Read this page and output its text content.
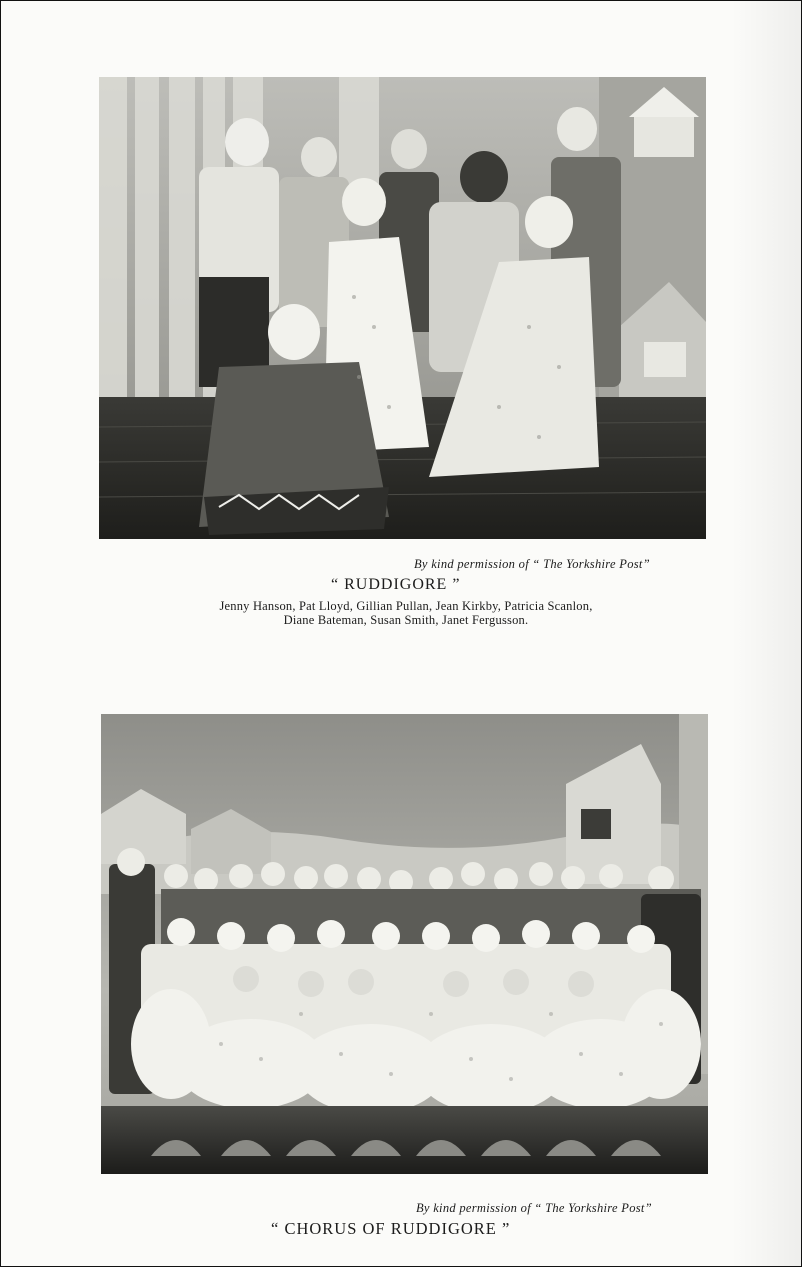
By kind permission of “ The Yorkshire Post”
“ RUDDIGORE ”
Jenny Hanson, Pat Lloyd, Gillian Pullan, Jean Kirkby, Patricia Scanlon,
Diane Bateman, Susan Smith, Janet Fergusson.
By kind permission of “ The Yorkshire Post”
“ CHORUS OF RUDDIGORE ”
